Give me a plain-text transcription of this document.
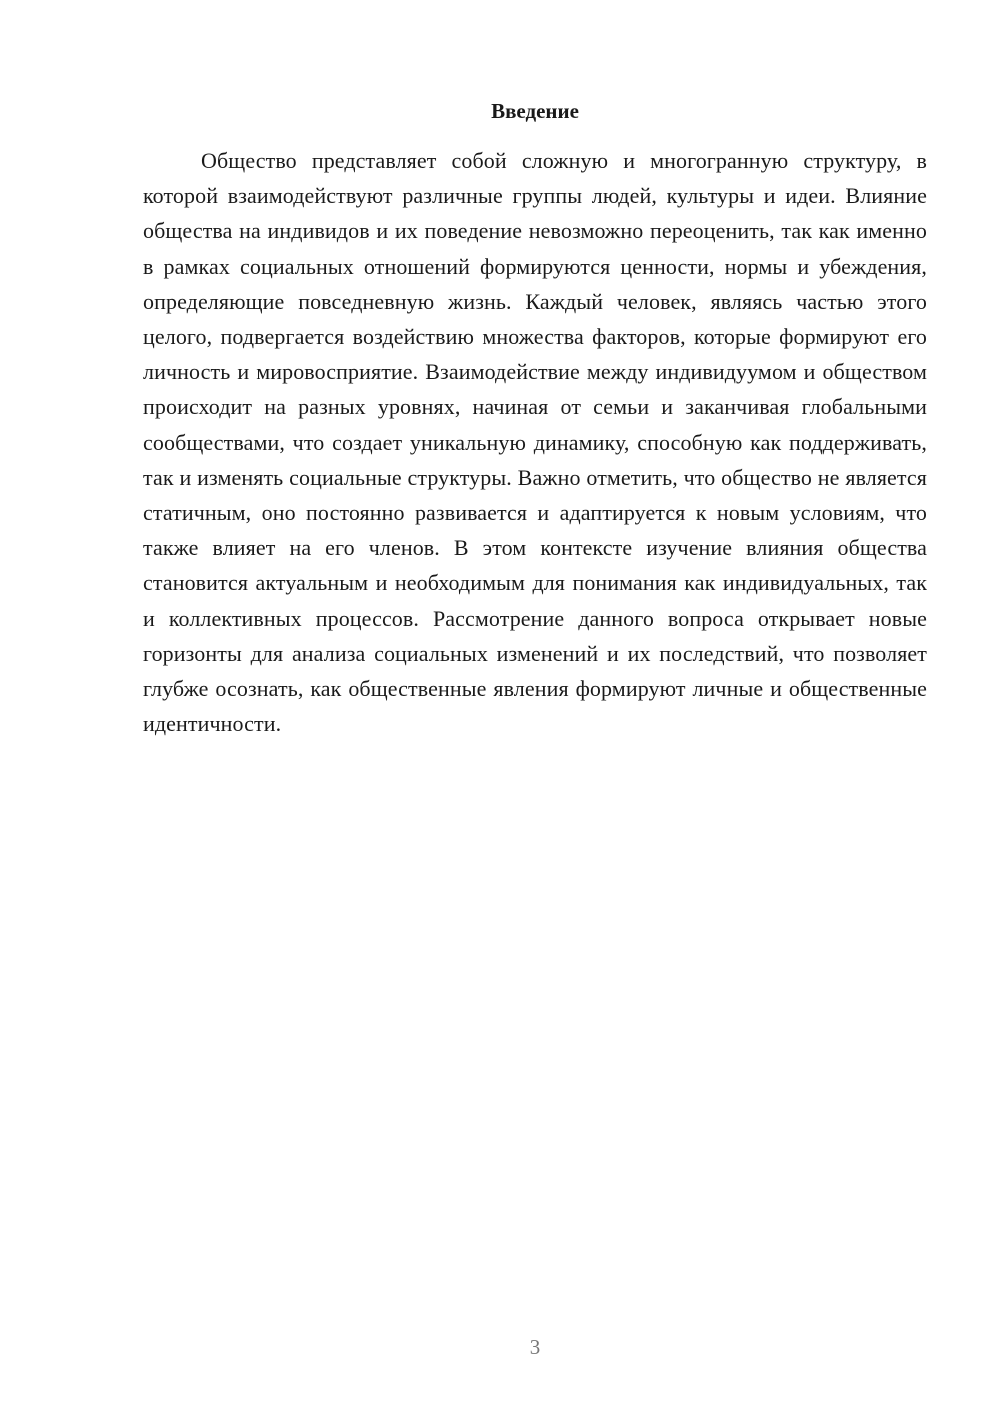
Введение

Общество представляет собой сложную и многогранную структуру, в которой взаимодействуют различные группы людей, культуры и идеи. Влияние общества на индивидов и их поведение невозможно переоценить, так как именно в рамках социальных отношений формируются ценности, нормы и убеждения, определяющие повседневную жизнь. Каждый человек, являясь частью этого целого, подвергается воздействию множества факторов, которые формируют его личность и мировосприятие. Взаимодействие между индивидуумом и обществом происходит на разных уровнях, начиная от семьи и заканчивая глобальными сообществами, что создает уникальную динамику, способную как поддерживать, так и изменять социальные структуры. Важно отметить, что общество не является статичным, оно постоянно развивается и адаптируется к новым условиям, что также влияет на его членов. В этом контексте изучение влияния общества становится актуальным и необходимым для понимания как индивидуальных, так и коллективных процессов. Рассмотрение данного вопроса открывает новые горизонты для анализа социальных изменений и их последствий, что позволяет глубже осознать, как общественные явления формируют личные и общественные идентичности.

3
